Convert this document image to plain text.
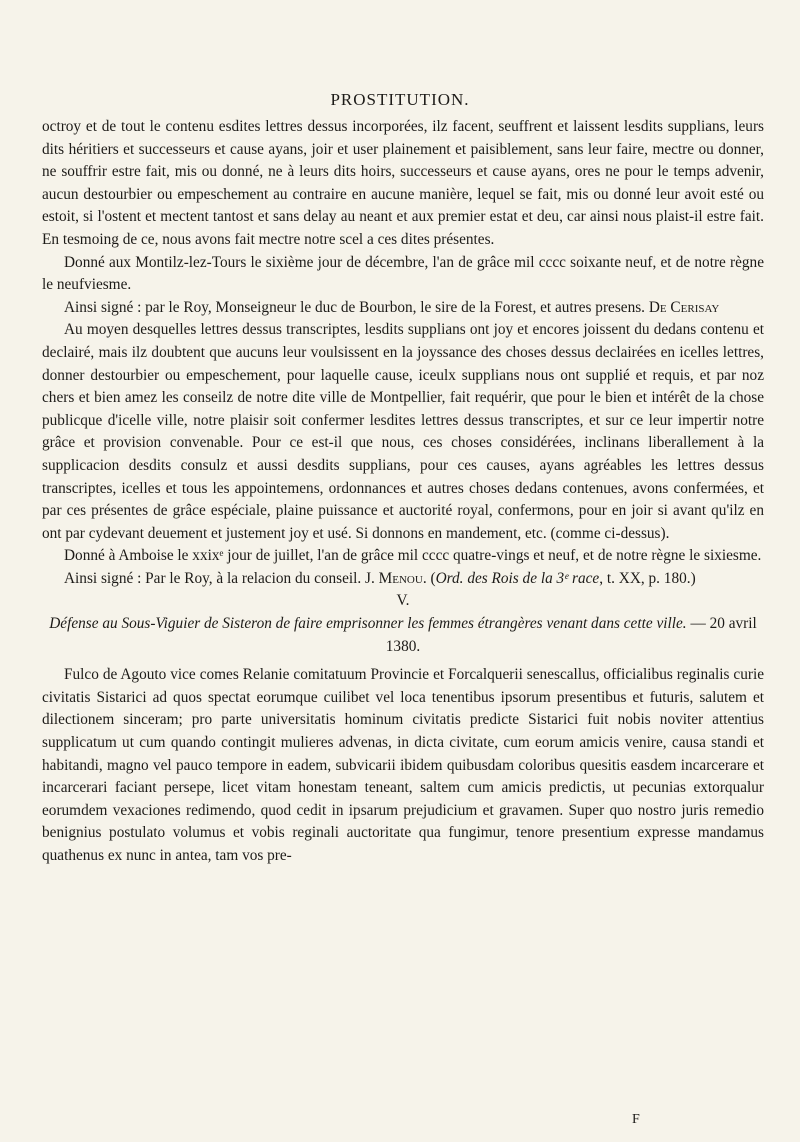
PROSTITUTION.

octroy et de tout le contenu esdites lettres dessus incorporées, ilz facent, seuffrent et laissent lesdits supplians, leurs dits héritiers et successeurs et cause ayans, joir et user plainement et paisiblement, sans leur faire, mectre ou donner, ne souffrir estre fait, mis ou donné, ne à leurs dits hoirs, successeurs et cause ayans, ores ne pour le temps advenir, aucun destourbier ou empeschement au contraire en aucune manière, lequel se fait, mis ou donné leur avoit esté ou estoit, si l'ostent et mectent tantost et sans delay au neant et aux premier estat et deu, car ainsi nous plaist-il estre fait. En tesmoing de ce, nous avons fait mectre notre scel a ces dites présentes.

Donné aux Montilz-lez-Tours le sixième jour de décembre, l'an de grâce mil cccc soixante neuf, et de notre règne le neufviesme.

Ainsi signé : par le Roy, Monseigneur le duc de Bourbon, le sire de la Forest, et autres presens. De Cerisay

Au moyen desquelles lettres dessus transcriptes, lesdits supplians ont joy et encores joissent du dedans contenu et declairé, mais ilz doubtent que aucuns leur voulsissent en la joyssance des choses dessus declairées en icelles lettres, donner destourbier ou empeschement, pour laquelle cause, iceulx supplians nous ont supplié et requis, et par noz chers et bien amez les conseilz de notre dite ville de Montpellier, fait requérir, que pour le bien et intérêt de la chose publicque d'icelle ville, notre plaisir soit confermer lesdites lettres dessus transcriptes, et sur ce leur impertir notre grâce et provision convenable. Pour ce est-il que nous, ces choses considérées, inclinans liberallement à la supplicacion desdits consulz et aussi desdits supplians, pour ces causes, ayans agréables les lettres dessus transcriptes, icelles et tous les appointemens, ordonnances et autres choses dedans contenues, avons confermées, et par ces présentes de grâce espéciale, plaine puissance et auctorité royal, confermons, pour en joir si avant qu'ilz en ont par cydevant deuement et justement joy et usé. Si donnons en mandement, etc. (comme ci-dessus).

Donné à Amboise le xxixᵉ jour de juillet, l'an de grâce mil cccc quatre-vings et neuf, et de notre règne le sixiesme.

Ainsi signé : Par le Roy, à la relacion du conseil. J. Menou. (Ord. des Rois de la 3ᵉ race, t. XX, p. 180.)

V.

Défense au Sous-Viguier de Sisteron de faire emprisonner les femmes étrangères venant dans cette ville. — 20 avril 1380.

Fulco de Agouto vice comes Relanie comitatuum Provincie et Forcalquerii senescallus, officialibus reginalis curie civitatis Sistarici ad quos spectat eorumque cuilibet vel loca tenentibus ipsorum presentibus et futuris, salutem et dilectionem sinceram; pro parte universitatis hominum civitatis predicte Sistarici fuit nobis noviter attentius supplicatum ut cum quando contingit mulieres advenas, in dicta civitate, cum eorum amicis venire, causa standi et habitandi, magno vel pauco tempore in eadem, subvicarii ibidem quibusdam coloribus quesitis easdem incarcerare et incarcerari faciant persepe, licet vitam honestam teneant, saltem cum amicis predictis, ut pecunias extorqualur eorumdem vexaciones redimendo, quod cedit in ipsarum prejudicium et gravamen. Super quo nostro juris remedio benignius postulato volumus et vobis reginali auctoritate qua fungimur, tenore presentium expresse mandamus quathenus ex nunc in antea, tam vos pre-

F
